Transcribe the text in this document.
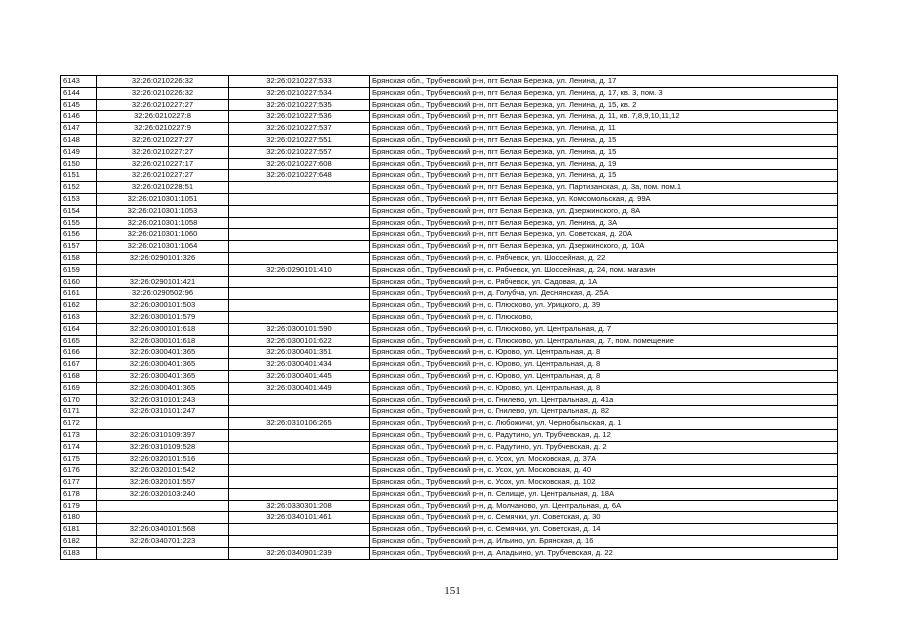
6143	32:26:0210226:32	32:26:0210227:533	Брянская обл., Трубчевский р-н, пгт Белая Березка, ул. Ленина, д. 17
6144	32:26:0210226:32	32:26:0210227:534	Брянская обл., Трубчевский р-н, пгт Белая Березка, ул. Ленина, д. 17, кв. 3, пом. 3
6145	32:26:0210227:27	32:26:0210227:535	Брянская обл., Трубчевский р-н, пгт Белая Березка, ул. Ленина, д. 15, кв. 2
6146	32:26:0210227:8	32:26:0210227:536	Брянская обл., Трубчевский р-н, пгт Белая Березка, ул. Ленина, д. 11, кв. 7,8,9,10,11,12
6147	32:26:0210227:9	32:26:0210227:537	Брянская обл., Трубчевский р-н, пгт Белая Березка, ул. Ленина, д. 11
6148	32:26:0210227:27	32:26:0210227:551	Брянская обл., Трубчевский р-н, пгт Белая Березка, ул. Ленина, д. 15
6149	32:26:0210227:27	32:26:0210227:557	Брянская обл., Трубчевский р-н, пгт Белая Березка, ул. Ленина, д. 15
6150	32:26:0210227:17	32:26:0210227:608	Брянская обл., Трубчевский р-н, пгт Белая Березка, ул. Ленина, д. 19
6151	32:26:0210227:27	32:26:0210227:648	Брянская обл., Трубчевский р-н, пгт Белая Березка, ул. Ленина, д. 15
6152	32:26:0210228:51		Брянская обл., Трубчевский р-н, пгт Белая Березка, ул. Партизанская, д. 3а, пом. пом.1
6153	32:26:0210301:1051		Брянская обл., Трубчевский р-н, пгт Белая Березка, ул. Комсомольская, д. 99А
6154	32:26:0210301:1053		Брянская обл., Трубчевский р-н, пгт Белая Березка, ул. Дзержинского, д. 8А
6155	32:26:0210301:1058		Брянская обл., Трубчевский р-н, пгт Белая Березка, ул. Ленина, д. 3А
6156	32:26:0210301:1060		Брянская обл., Трубчевский р-н, пгт Белая Березка, ул. Советская, д. 20А
6157	32:26:0210301:1064		Брянская обл., Трубчевский р-н, пгт Белая Березка, ул. Дзержинского, д. 10А
6158	32:26:0290101:326		Брянская обл., Трубчевский р-н, с. Рябчевск, ул. Шоссейная, д. 22
6159		32:26:0290101:410	Брянская обл., Трубчевский р-н, с. Рябчевск, ул. Шоссейная, д. 24, пом. магазин
6160	32:26:0290101:421		Брянская обл., Трубчевский р-н, с. Рябчевск, ул. Садовая, д. 1А
6161	32:26:0290502:96		Брянская обл., Трубчевский р-н, д. Голубча, ул. Деснянская, д. 25А
6162	32:26:0300101:503		Брянская обл., Трубчевский р-н, с. Плюсково, ул. Урицкого, д. 39
6163	32:26:0300101:579		Брянская обл., Трубчевский р-н, с. Плюсково,
6164	32:26:0300101:618	32:26:0300101:590	Брянская обл., Трубчевский р-н, с. Плюсково, ул. Центральная, д. 7
6165	32:26:0300101:618	32:26:0300101:622	Брянская обл., Трубчевский р-н, с. Плюсково, ул. Центральная, д. 7, пом. помещение
6166	32:26:0300401:365	32:26:0300401:351	Брянская обл., Трубчевский р-н, с. Юрово, ул. Центральная, д. 8
6167	32:26:0300401:365	32:26:0300401:434	Брянская обл., Трубчевский р-н, с. Юрово, ул. Центральная, д. 8
6168	32:26:0300401:365	32:26:0300401:445	Брянская обл., Трубчевский р-н, с. Юрово, ул. Центральная, д. 8
6169	32:26:0300401:365	32:26:0300401:449	Брянская обл., Трубчевский р-н, с. Юрово, ул. Центральная, д. 8
6170	32:26:0310101:243		Брянская обл., Трубчевский р-н, с. Гнилево, ул. Центральная, д. 41а
6171	32:26:0310101:247		Брянская обл., Трубчевский р-н, с. Гнилево, ул. Центральная, д. 82
6172		32:26:0310106:265	Брянская обл., Трубчевский р-н, с. Любожичи, ул. Чернобыльская, д. 1
6173	32:26:0310109:397		Брянская обл., Трубчевский р-н, с. Радутино, ул. Трубчевская, д. 12
6174	32:26:0310109:528		Брянская обл., Трубчевский р-н, с. Радутино, ул. Трубчевская, д. 2
6175	32:26:0320101:516		Брянская обл., Трубчевский р-н, с. Усох, ул. Московская, д. 37А
6176	32:26:0320101:542		Брянская обл., Трубчевский р-н, с. Усох, ул. Московская, д. 40
6177	32:26:0320101:557		Брянская обл., Трубчевский р-н, с. Усох, ул. Московская, д. 102
6178	32:26:0320103:240		Брянская обл., Трубчевский р-н, п. Селище, ул. Центральная, д. 18А
6179		32:26:0330301:208	Брянская обл., Трубчевский р-н, д. Молчаново, ул. Центральная, д. 6А
6180		32:26:0340101:461	Брянская обл., Трубчевский р-н, с. Семячки, ул. Советская, д. 30
6181	32:26:0340101:568		Брянская обл., Трубчевский р-н, с. Семячки, ул. Советская, д. 14
6182	32:26:0340701:223		Брянская обл., Трубчевский р-н, д. Ильино, ул. Брянская, д. 16
6183		32:26:0340901:239	Брянская обл., Трубчевский р-н, д. Аладьино, ул. Трубчевская, д. 22
151
